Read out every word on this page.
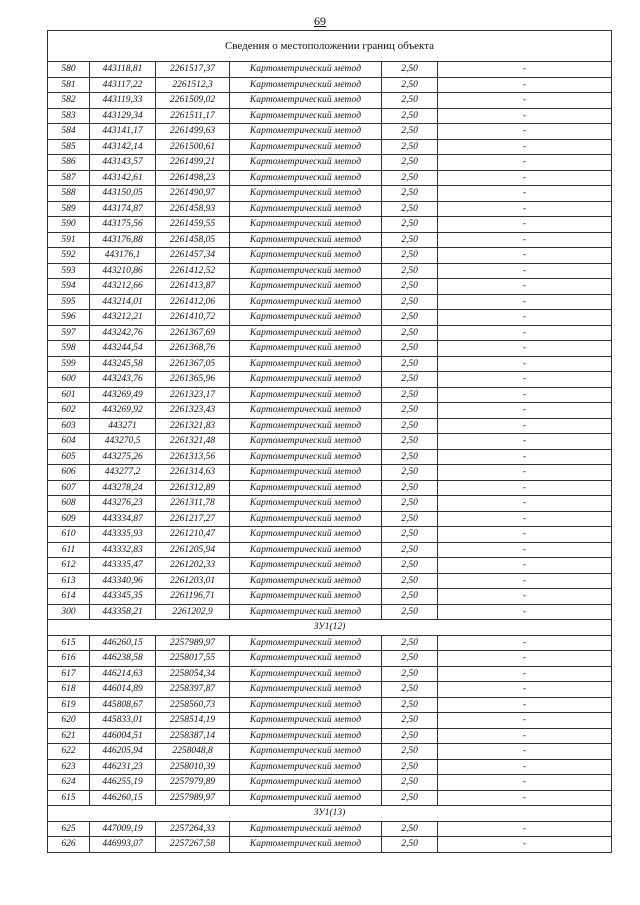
69
Сведения о местоположении границ объекта					
580	443118,81	2261517,37	Картометрический метод	2,50	-
581	443117,22	2261512,3	Картометрический метод	2,50	-
582	443119,33	2261509,02	Картометрический метод	2,50	-
583	443129,34	2261511,17	Картометрический метод	2,50	-
584	443141,17	2261499,63	Картометрический метод	2,50	-
585	443142,14	2261500,61	Картометрический метод	2,50	-
586	443143,57	2261499,21	Картометрический метод	2,50	-
587	443142,61	2261498,23	Картометрический метод	2,50	-
588	443150,05	2261490,97	Картометрический метод	2,50	-
589	443174,87	2261458,93	Картометрический метод	2,50	-
590	443175,56	2261459,55	Картометрический метод	2,50	-
591	443176,88	2261458,05	Картометрический метод	2,50	-
592	443176,1	2261457,34	Картометрический метод	2,50	-
593	443210,86	2261412,52	Картометрический метод	2,50	-
594	443212,66	2261413,87	Картометрический метод	2,50	-
595	443214,01	2261412,06	Картометрический метод	2,50	-
596	443212,21	2261410,72	Картометрический метод	2,50	-
597	443242,76	2261367,69	Картометрический метод	2,50	-
598	443244,54	2261368,76	Картометрический метод	2,50	-
599	443245,58	2261367,05	Картометрический метод	2,50	-
600	443243,76	2261365,96	Картометрический метод	2,50	-
601	443269,49	2261323,17	Картометрический метод	2,50	-
602	443269,92	2261323,43	Картометрический метод	2,50	-
603	443271	2261321,83	Картометрический метод	2,50	-
604	443270,5	2261321,48	Картометрический метод	2,50	-
605	443275,26	2261313,56	Картометрический метод	2,50	-
606	443277,2	2261314,63	Картометрический метод	2,50	-
607	443278,24	2261312,89	Картометрический метод	2,50	-
608	443276,23	2261311,78	Картометрический метод	2,50	-
609	443334,87	2261217,27	Картометрический метод	2,50	-
610	443335,93	2261210,47	Картометрический метод	2,50	-
611	443332,83	2261205,94	Картометрический метод	2,50	-
612	443335,47	2261202,33	Картометрический метод	2,50	-
613	443340,96	2261203,01	Картометрический метод	2,50	-
614	443345,35	2261196,71	Картометрический метод	2,50	-
300	443358,21	2261202,9	Картометрический метод	2,50	-
ЗУ1(12)					
615	446260,15	2257989,97	Картометрический метод	2,50	-
616	446238,58	2258017,55	Картометрический метод	2,50	-
617	446214,63	2258054,34	Картометрический метод	2,50	-
618	446014,89	2258397,87	Картометрический метод	2,50	-
619	445808,67	2258560,73	Картометрический метод	2,50	-
620	445833,01	2258514,19	Картометрический метод	2,50	-
621	446004,51	2258387,14	Картометрический метод	2,50	-
622	446205,94	2258048,8	Картометрический метод	2,50	-
623	446231,23	2258010,39	Картометрический метод	2,50	-
624	446255,19	2257979,89	Картометрический метод	2,50	-
615	446260,15	2257989,97	Картометрический метод	2,50	-
ЗУ1(13)					
625	447009,19	2257264,33	Картометрический метод	2,50	-
626	446993,07	2257267,58	Картометрический метод	2,50	-
